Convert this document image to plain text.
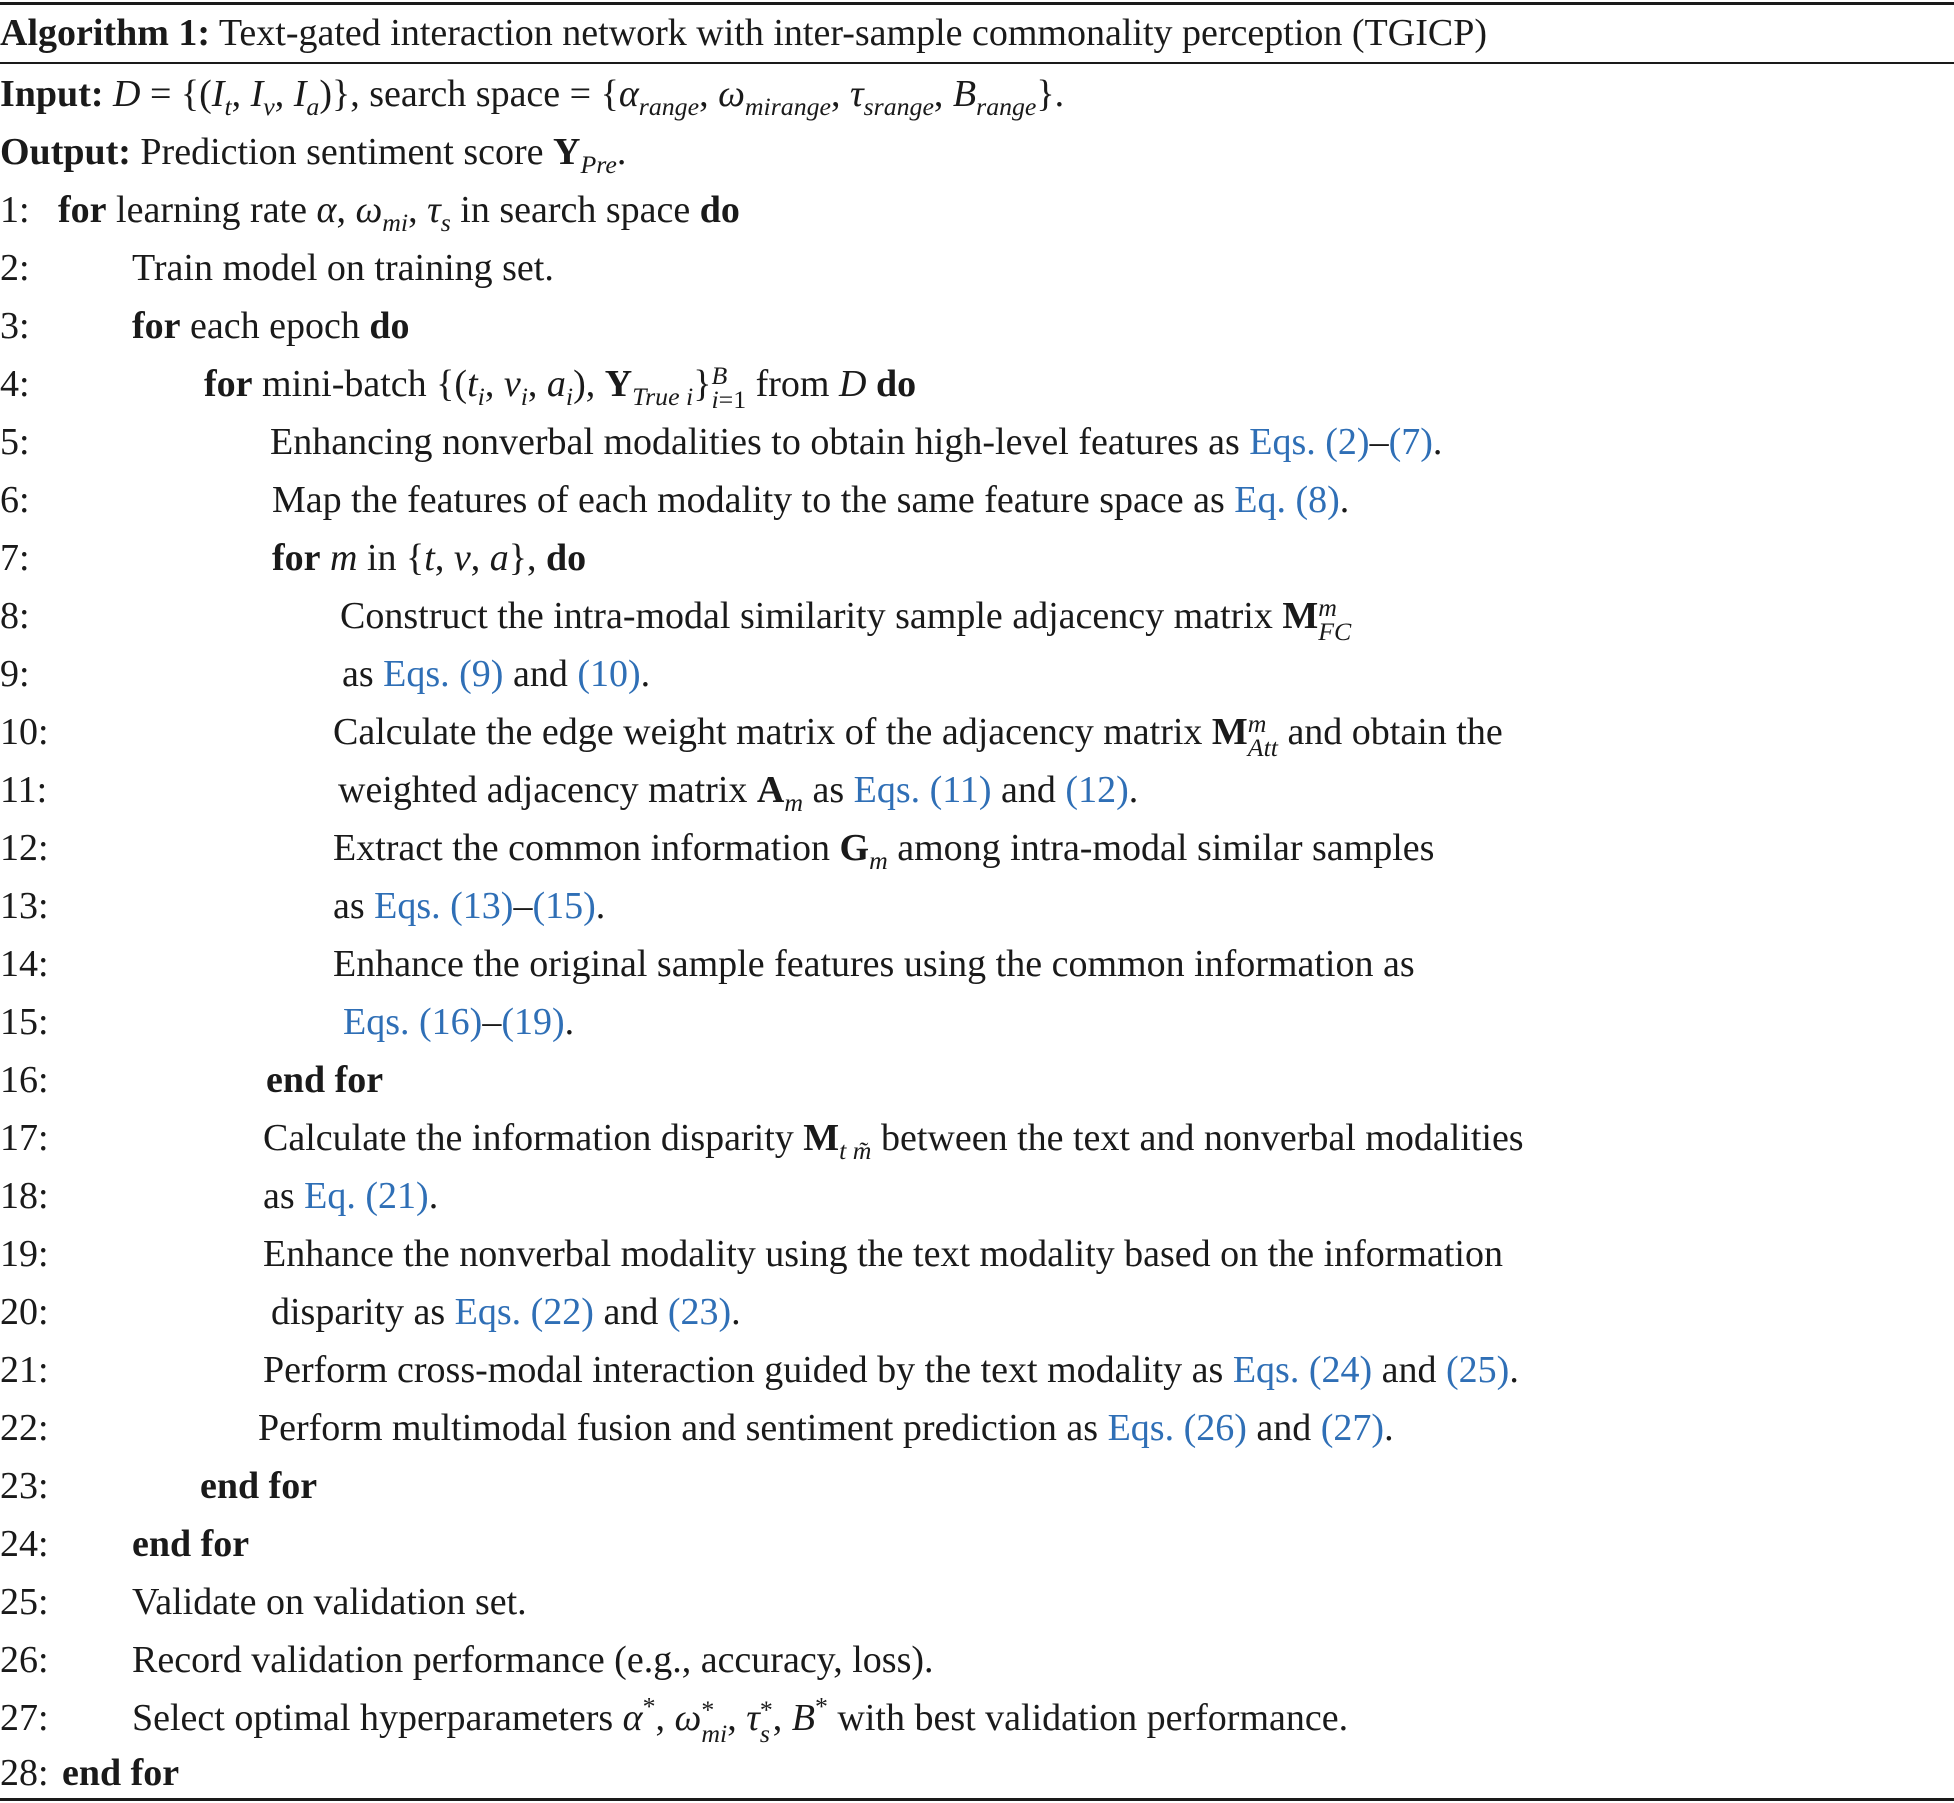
Algorithm 1: Text-gated interaction network with inter-sample commonality perception (TGICP)
Input: $D = \{(I_t$, $I_v$, $I_a$)}, search space = {$\alpha_{range}$, $\omega_{mirange}$, $\tau_{srange}$, $B_{range}$}.
Output: Prediction sentiment score $Y_{Pre}$.
1: for learning rate α, $\omega_{mi}$, $\tau_s$ in search space do
2:	Train model on training set.
3:	for each epoch do
4:	for mini-batch {($t_i$, $v_i$, $a_i$), $Y_{True i}$} B
i=1 from D do
5:	Enhancing nonverbal modalities to obtain high-level features as Eqs. (2)–(7).
6:	Map the features of each modality to the same feature space as Eq. (8).
7:	for m in {t, v, a}, do
8:	Construct the intra-modal similarity sample adjacency matrix M m
FC
9:	as Eqs. (9) and (10).
10:	Calculate the edge weight matrix of the adjacency matrix M m
Att and obtain the
11:	weighted adjacency matrix $A_m$ as Eqs. (11) and (12).
12:	Extract the common information $G_m$ among intra-modal similar samples
13:	as Eqs. (13)–(15).
14:	Enhance the original sample features using the common information as
15:	Eqs. (16)–(19).
16:	end for
17:	Calculate the information disparity $M_{t m̃}$ between the text and nonverbal modalities
18:	as Eq. (21).
19:	Enhance the nonverbal modality using the text modality based on the information
20:	disparity as Eqs. (22) and (23).
21:	Perform cross-modal interaction guided by the text modality as Eqs. (24) and (25).
22:	Perform multimodal fusion and sentiment prediction as Eqs. (26) and (27).
23:	end for
24: end for
25: Validate on validation set.
26: Record validation performance (e.g., accuracy, loss).
27: Select optimal hyperparameters α*, ω *
mi , τ *
s , B* with best validation performance.
28: end for
